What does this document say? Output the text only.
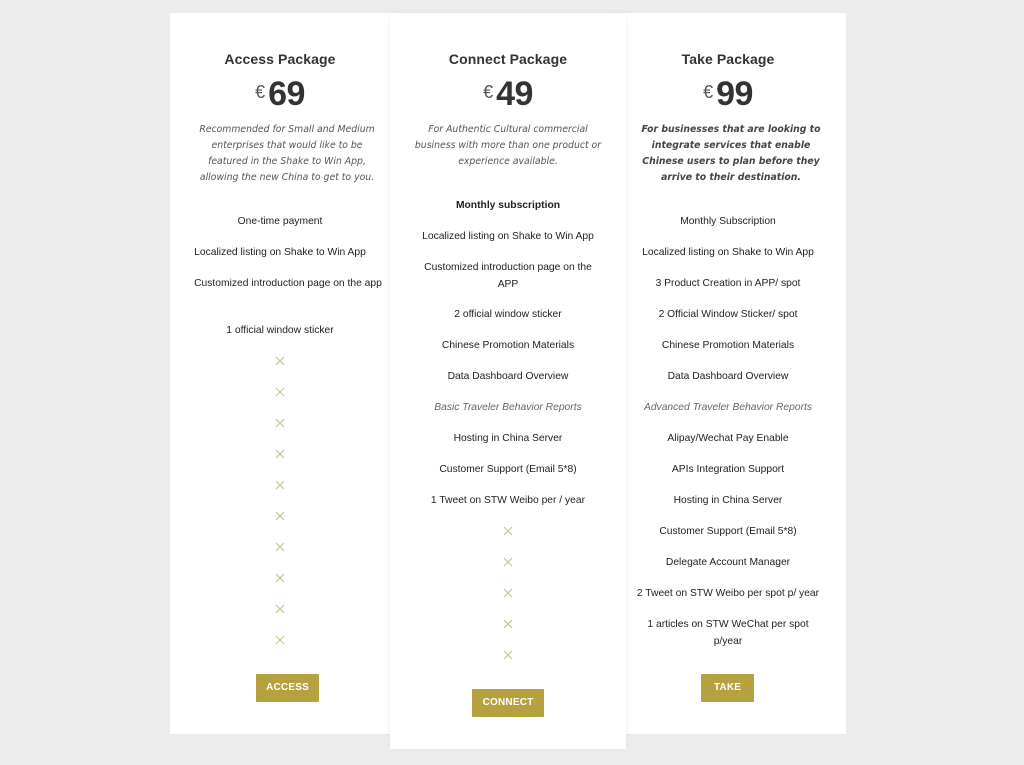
Access Package
€ 69
Recommended for Small and Medium enterprises that would like to be featured in the Shake to Win App, allowing the new China to get to you.
One-time payment
Localized listing on Shake to Win App
Customized introduction page on the app
1 official window sticker
ACCESS
Connect Package
€ 49
For Authentic Cultural commercial business with more than one product or experience available.
Monthly subscription
Localized listing on Shake to Win App
Customized introduction page on the APP
2 official window sticker
Chinese Promotion Materials
Data Dashboard Overview
Basic Traveler Behavior Reports
Hosting in China Server
Customer Support (Email 5*8)
1 Tweet on STW Weibo per / year
CONNECT
Take Package
€ 99
For businesses that are looking to integrate services that enable Chinese users to plan before they arrive to their destination.
Monthly Subscription
Localized listing on Shake to Win App
3 Product Creation in APP/ spot
2 Official Window Sticker/ spot
Chinese Promotion Materials
Data Dashboard Overview
Advanced Traveler Behavior Reports
Alipay/Wechat Pay Enable
APIs Integration Support
Hosting in China Server
Customer Support (Email 5*8)
Delegate Account Manager
2 Tweet on STW Weibo per spot p/ year
1 articles on STW WeChat per spot p/year
TAKE
